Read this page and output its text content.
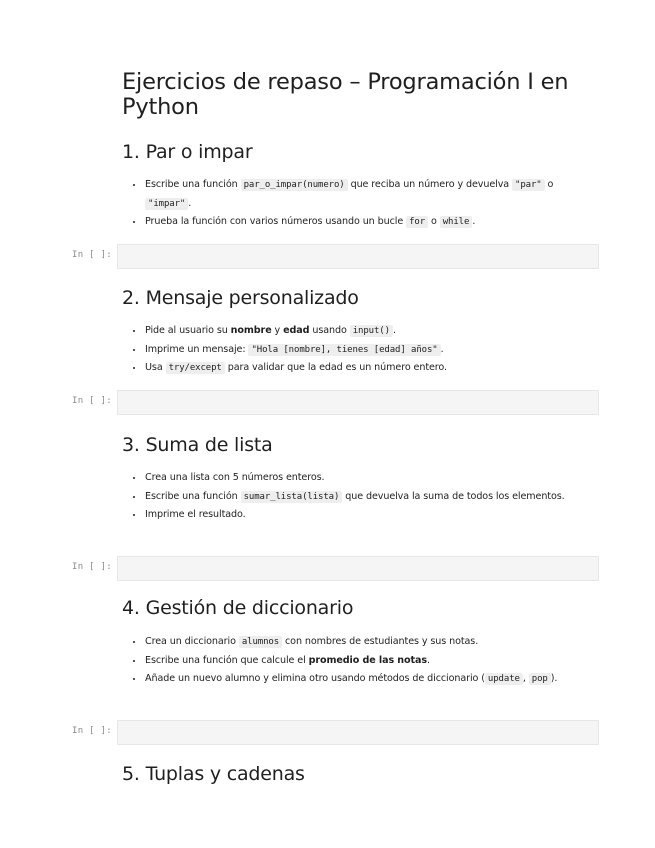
Ejercicios de repaso – Programación I en Python
1. Par o impar
• Escribe una función par_o_impar(numero) que reciba un número y devuelva "par" o "impar" .
• Prueba la función con varios números usando un bucle for o while .
In [ ]:
2. Mensaje personalizado
• Pide al usuario su nombre y edad usando input() .
• Imprime un mensaje: "Hola [nombre], tienes [edad] años" .
• Usa try/except para validar que la edad es un número entero.
In [ ]:
3. Suma de lista
• Crea una lista con 5 números enteros.
• Escribe una función sumar_lista(lista) que devuelva la suma de todos los elementos.
• Imprime el resultado.
In [ ]:
4. Gestión de diccionario
• Crea un diccionario alumnos con nombres de estudiantes y sus notas.
• Escribe una función que calcule el promedio de las notas.
• Añade un nuevo alumno y elimina otro usando métodos de diccionario ( update , pop ).
In [ ]:
5. Tuplas y cadenas
